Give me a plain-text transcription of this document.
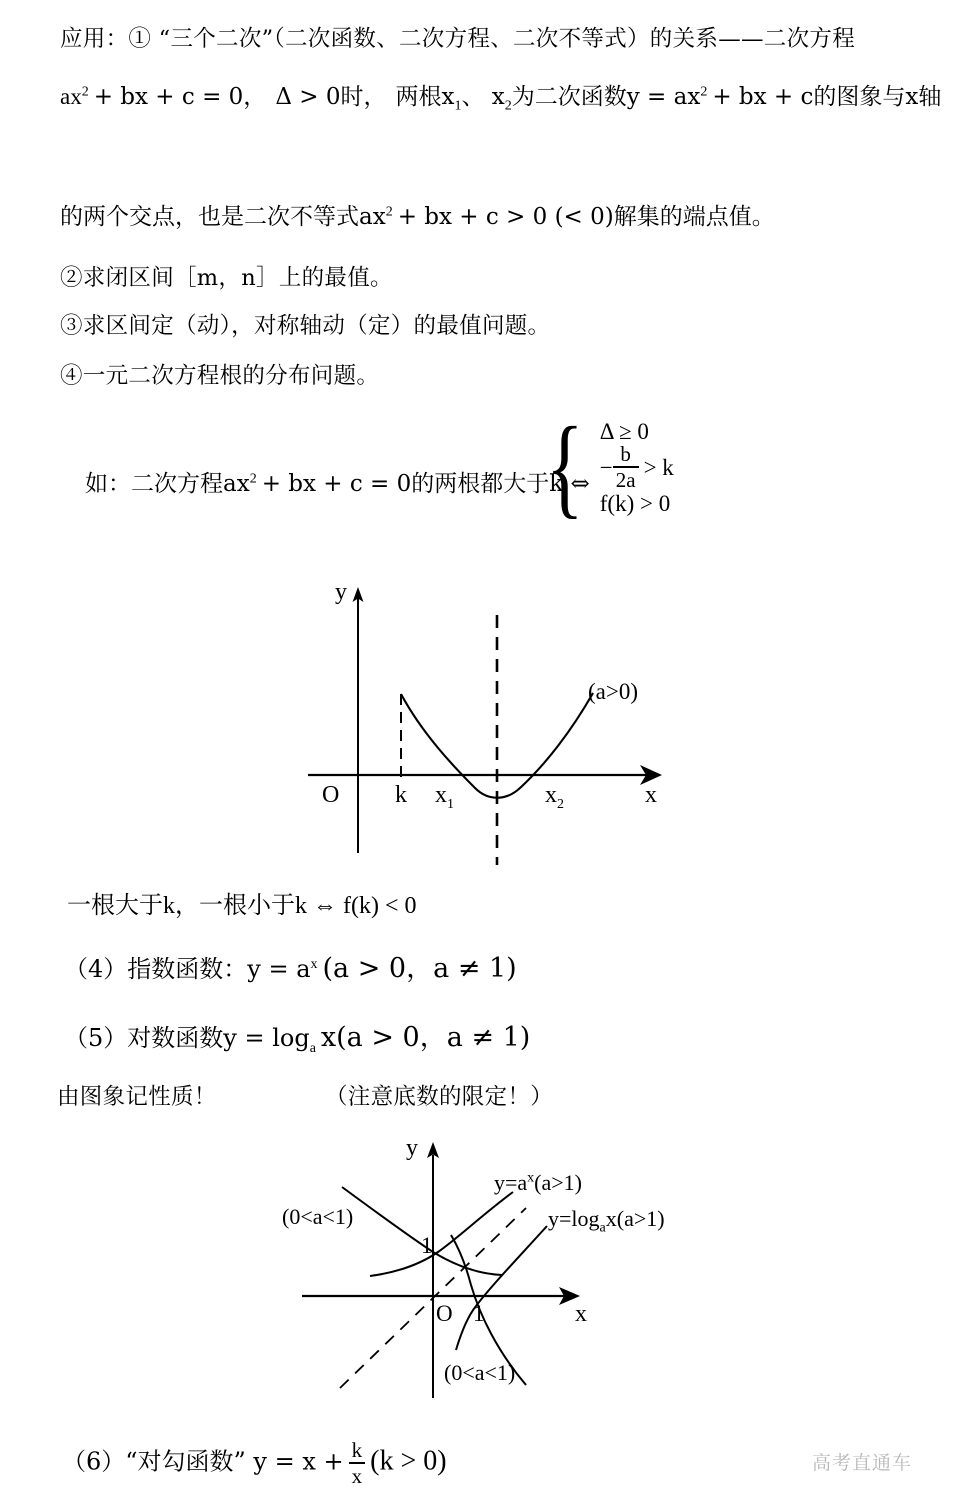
应用：① “三个二次”（二次函数、二次方程、二次不等式）的关系——二次方程
$ax^2$ + bx + c = 0， Δ > 0时， 两根$x_1$、 $x_2$为二次函数$y = ax^2$ + bx + c的图象与x轴
的两个交点，也是二次不等式$ax^2$ + bx + c > 0 (< 0)解集的端点值。
②求闭区间［m，n］上的最值。
③求区间定（动），对称轴动（定）的最值问题。
④一元二次方程根的分布问题。
如：二次方程$ax^2$ + bx + c = 0的两根都大于k ⇔
{ Δ ≥ 0
− $\frac{b}{2a} > k$
f(k) > 0
y
x
O k $x_1$	$x_2$
(a>0)
一根大于k，一根小于k ⇔ f(k) < 0
（4）指数函数：$y = a^x$ (a > 0，a ≠ 1)
（5）对数函数$y = \log_a x(a > 0$，a ≠ 1)
由图象记性质！	（注意底数的限定！）
y
x
O
1
1
$y=a^x(a>1)$
$y=\log_ax(a>1)$
(0<a<1)
(0<a<1)
（6）“对勾函数” $y = x + \frac{k}{x} (k > 0)$	高考直通车
